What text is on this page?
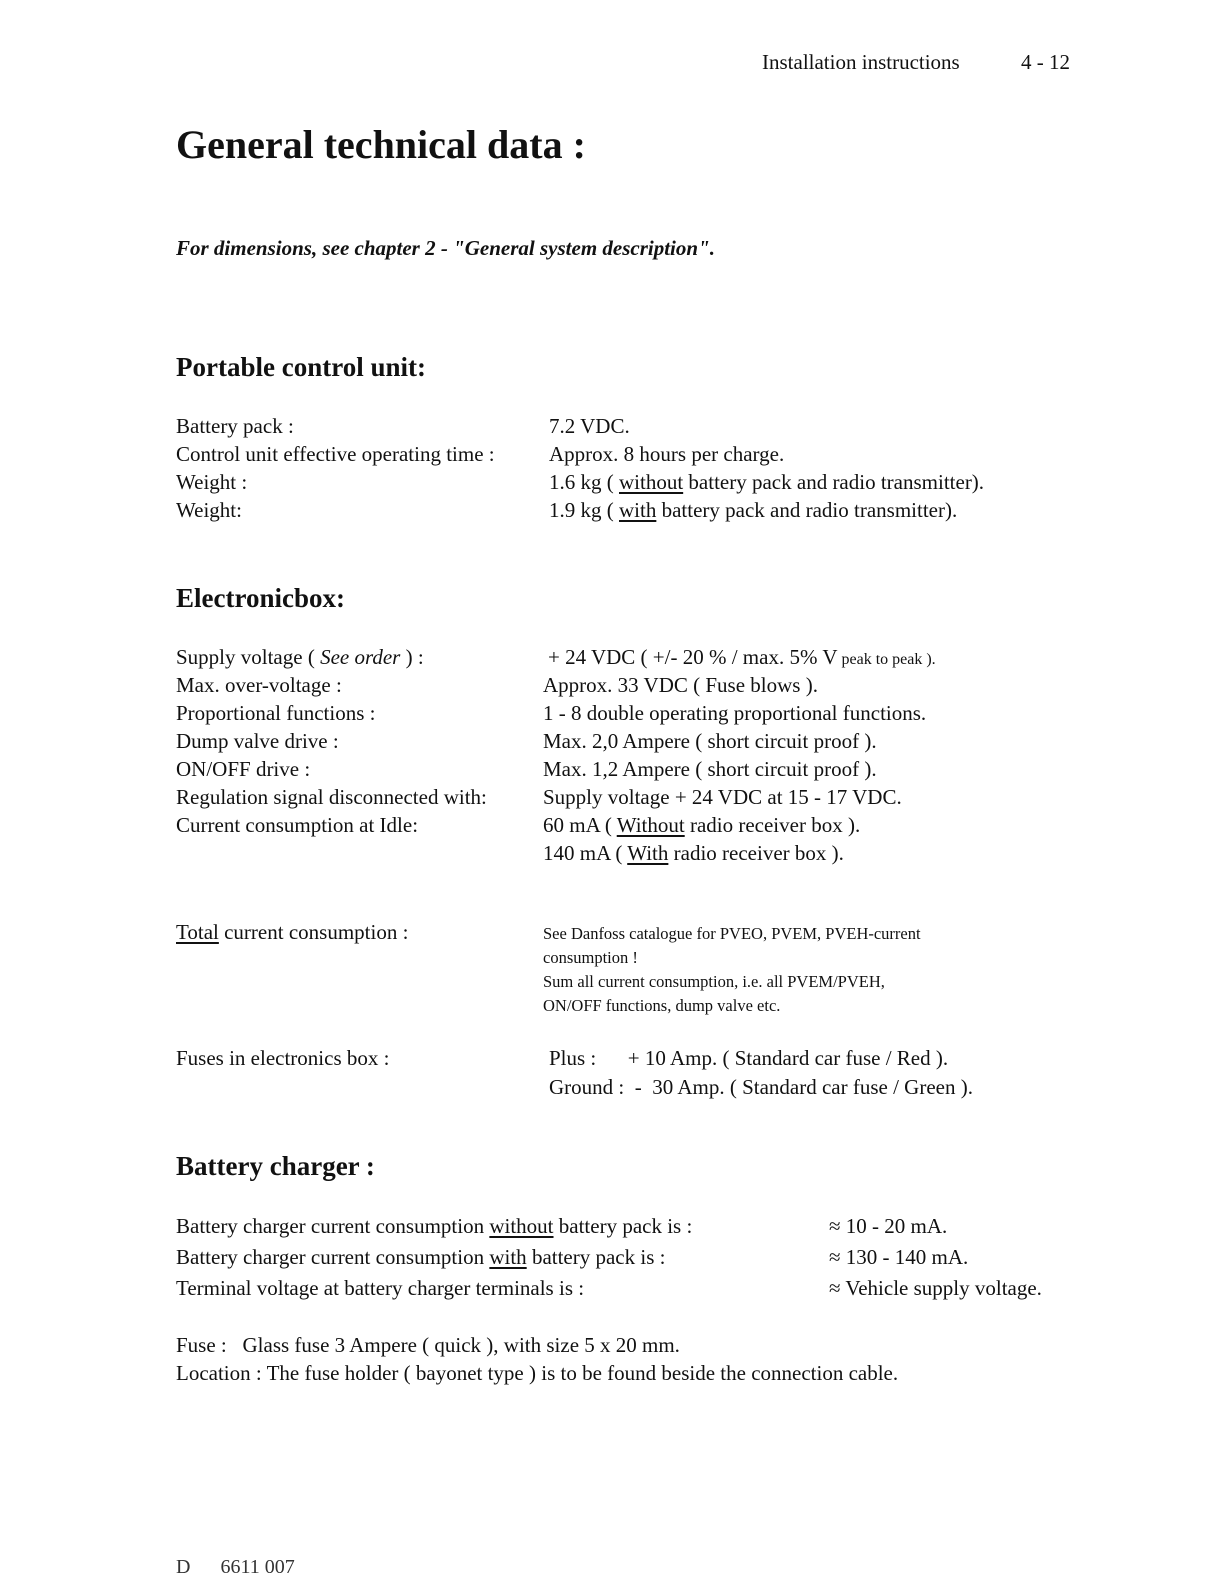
Installation instructions	4 - 12
General technical data :
For dimensions, see chapter 2 - "General system description".
Portable control unit:
Battery pack :	7.2 VDC.
Control unit effective operating time :	Approx. 8 hours per charge.
Weight :	1.6 kg ( without battery pack and radio transmitter).
Weight:	1.9 kg ( with battery pack and radio transmitter).
Electronicbox:
Supply voltage ( See order ) :	+ 24 VDC ( +/- 20 % / max. 5% V peak to peak ).
Max. over-voltage :	Approx. 33 VDC ( Fuse blows ).
Proportional functions :	1 - 8 double operating proportional functions.
Dump valve drive :	Max. 2,0 Ampere ( short circuit proof ).
ON/OFF drive :	Max. 1,2 Ampere ( short circuit proof ).
Regulation signal disconnected with:	Supply voltage + 24 VDC at 15 - 17 VDC.
Current consumption at Idle:	60 mA ( Without radio receiver box ).
140 mA ( With radio receiver box ).
Total current consumption :	See Danfoss catalogue for PVEO, PVEM, PVEH-current
consumption !
Sum all current consumption, i.e. all PVEM/PVEH,
ON/OFF functions, dump valve etc.
Fuses in electronics box :	Plus :      + 10 Amp. ( Standard car fuse / Red ).
Ground :  -  30 Amp. ( Standard car fuse / Green ).
Battery charger :
Battery charger current consumption without battery pack is :	≈ 10 - 20 mA.
Battery charger current consumption with battery pack is :	≈ 130 - 140 mA.
Terminal voltage at battery charger terminals is :	≈ Vehicle supply voltage.
Fuse :   Glass fuse 3 Ampere ( quick ), with size 5 x 20 mm.
Location : The fuse holder ( bayonet type ) is to be found beside the connection cable.
D      6611 007
